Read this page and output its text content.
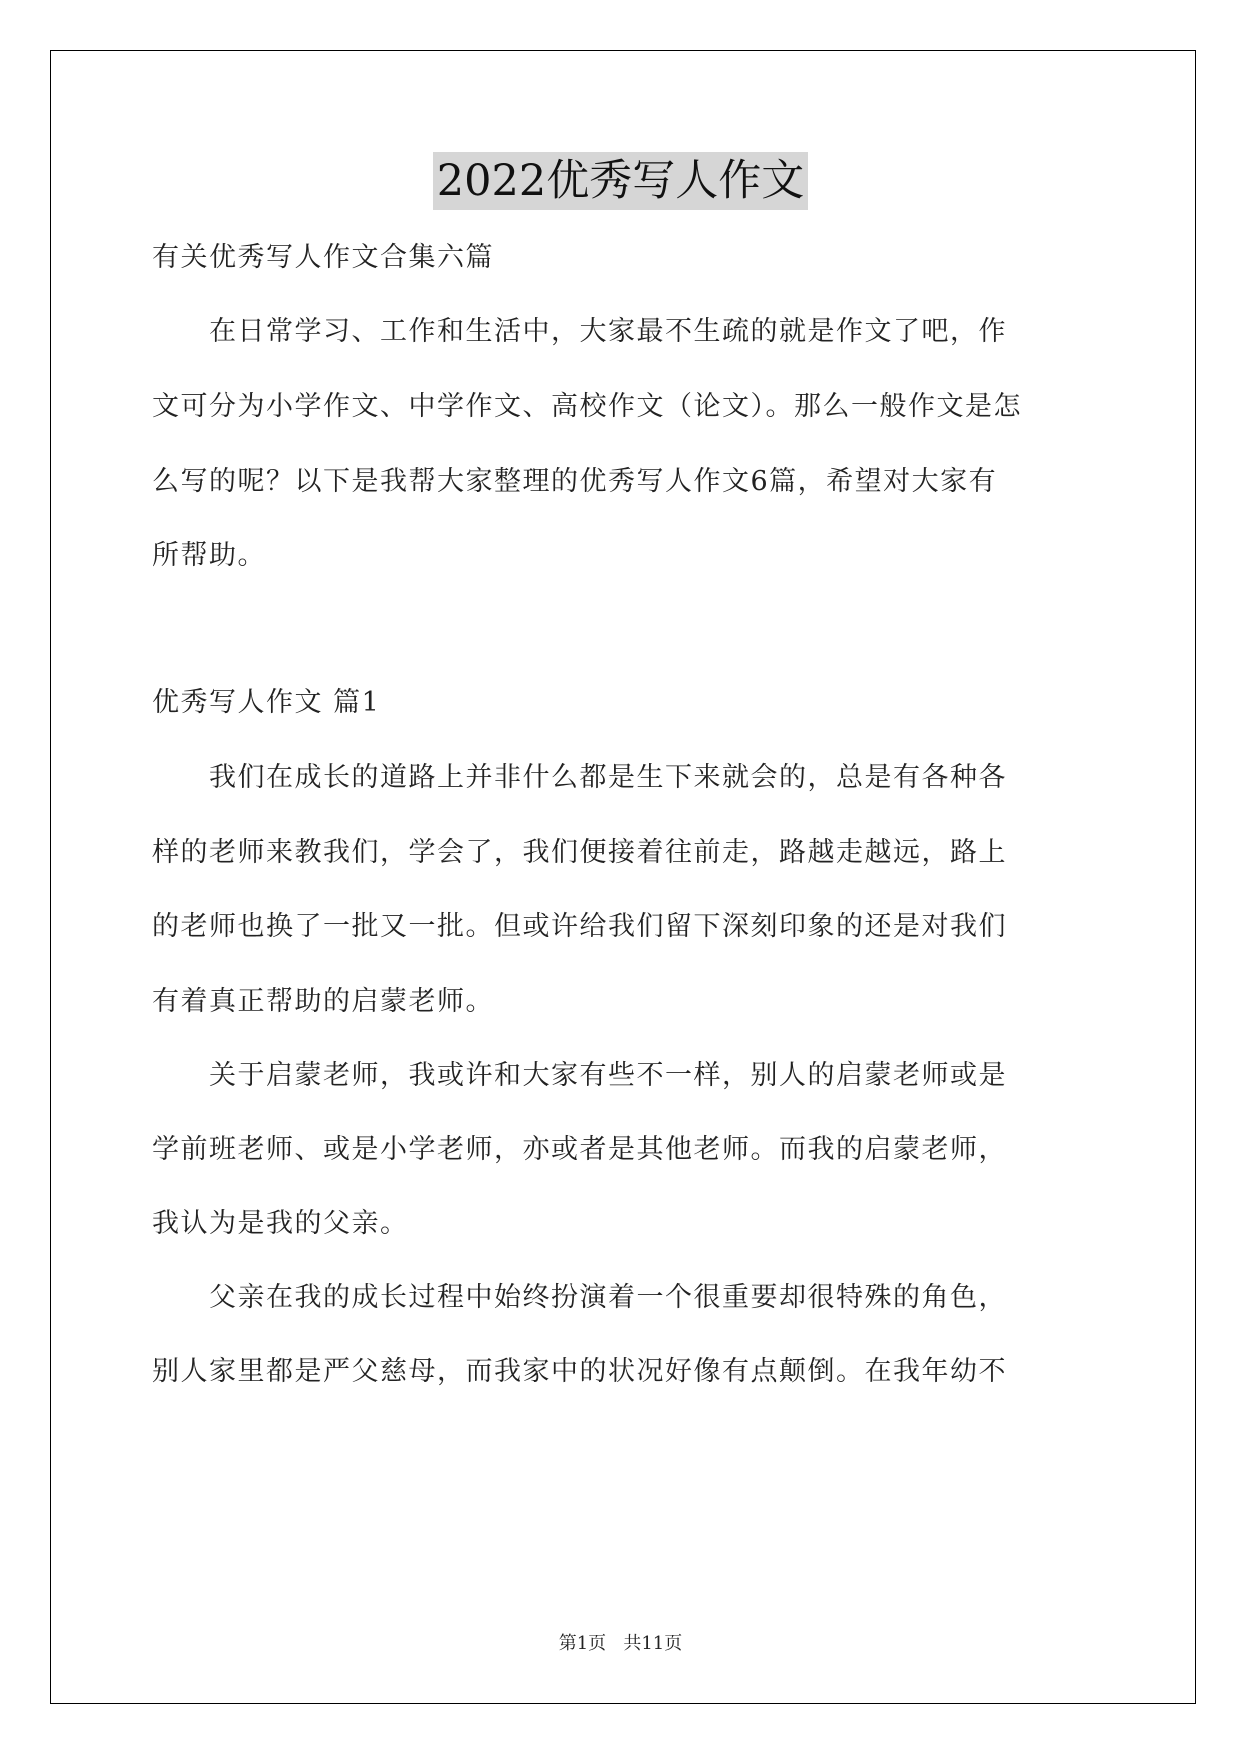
2022优秀写人作文
有关优秀写人作文合集六篇
　　在日常学习、工作和生活中，大家最不生疏的就是作文了吧，作
文可分为小学作文、中学作文、高校作文（论文）。那么一般作文是怎
么写的呢？以下是我帮大家整理的优秀写人作文6篇，希望对大家有
所帮助。
优秀写人作文 篇1
　　我们在成长的道路上并非什么都是生下来就会的，总是有各种各
样的老师来教我们，学会了，我们便接着往前走，路越走越远，路上
的老师也换了一批又一批。但或许给我们留下深刻印象的还是对我们
有着真正帮助的启蒙老师。
　　关于启蒙老师，我或许和大家有些不一样，别人的启蒙老师或是
学前班老师、或是小学老师，亦或者是其他老师。而我的启蒙老师，
我认为是我的父亲。
　　父亲在我的成长过程中始终扮演着一个很重要却很特殊的角色，
别人家里都是严父慈母，而我家中的状况好像有点颠倒。在我年幼不
第1页   共11页
